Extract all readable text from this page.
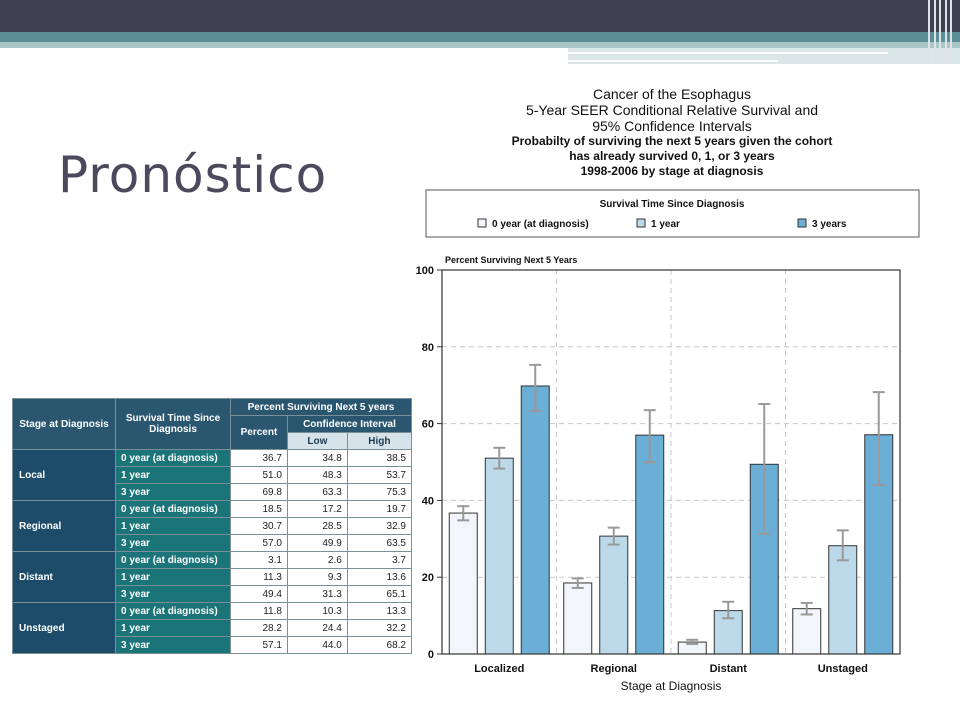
Pronóstico
Stage at Diagnosis	Survival Time Since Diagnosis	Percent Surviving Next 5 years		
		Percent	Confidence Interval	
			Low	High
Local	0 year (at diagnosis)	36.7	34.8	38.5
	1 year	51.0	48.3	53.7
	3 year	69.8	63.3	75.3
Regional	0 year (at diagnosis)	18.5	17.2	19.7
	1 year	30.7	28.5	32.9
	3 year	57.0	49.9	63.5
Distant	0 year (at diagnosis)	3.1	2.6	3.7
	1 year	11.3	9.3	13.6
	3 year	49.4	31.3	65.1
Unstaged	0 year (at diagnosis)	11.8	10.3	13.3
	1 year	28.2	24.4	32.2
	3 year	57.1	44.0	68.2
Cancer of the Esophagus
5-Year SEER Conditional Relative Survival and
95% Confidence Intervals
Probabilty of surviving the next 5 years given the cohort
has already survived 0, 1, or 3 years
1998-2006 by stage at diagnosis
Survival Time Since Diagnosis
0 year (at diagnosis)	1 year	3 years
0
20
40
60
80
100
Percent Surviving Next 5 Years
Localized	Regional	Distant	Unstaged
Stage at Diagnosis
